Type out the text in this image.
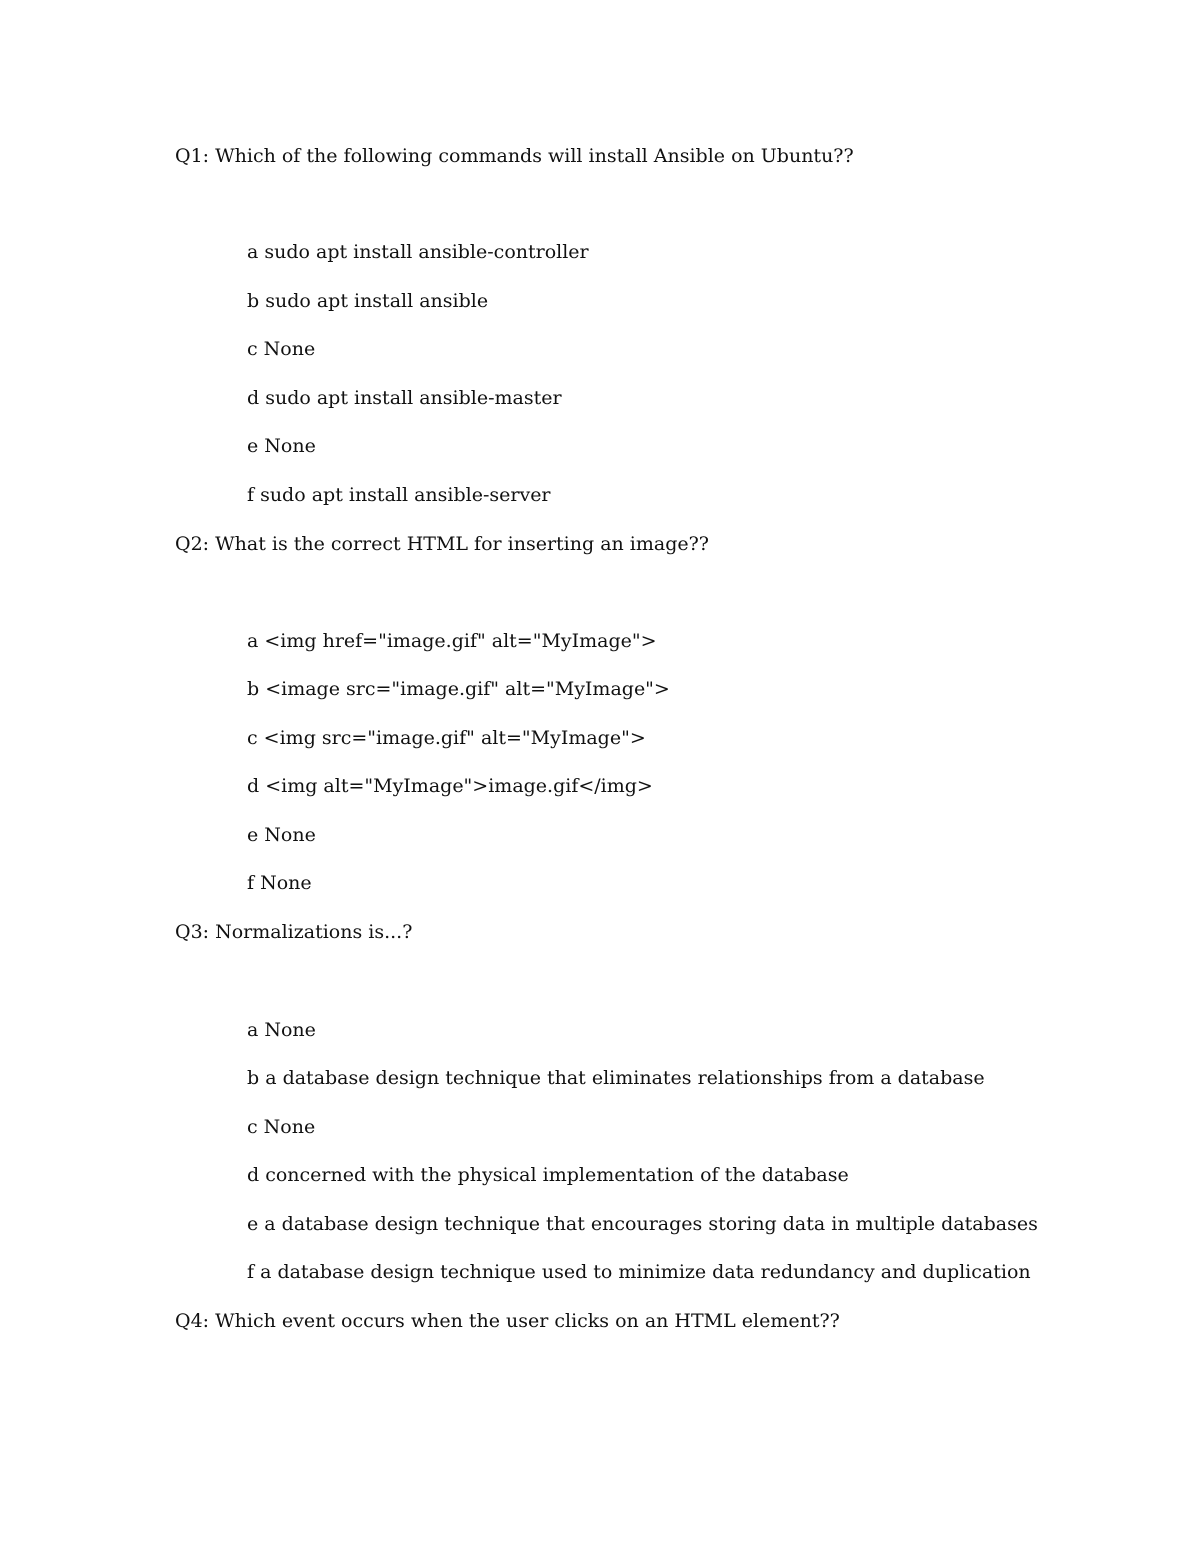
Q1: Which of the following commands will install Ansible on Ubuntu??
a sudo apt install ansible-controller
b sudo apt install ansible
c None
d sudo apt install ansible-master
e None
f sudo apt install ansible-server
Q2: What is the correct HTML for inserting an image??
a <img href="image.gif" alt="MyImage">
b <image src="image.gif" alt="MyImage">
c <img src="image.gif" alt="MyImage">
d <img alt="MyImage">image.gif</img>
e None
f None
Q3: Normalizations is...?
a None
b a database design technique that eliminates relationships from a database
c None
d concerned with the physical implementation of the database
e a database design technique that encourages storing data in multiple databases
f a database design technique used to minimize data redundancy and duplication
Q4: Which event occurs when the user clicks on an HTML element??
